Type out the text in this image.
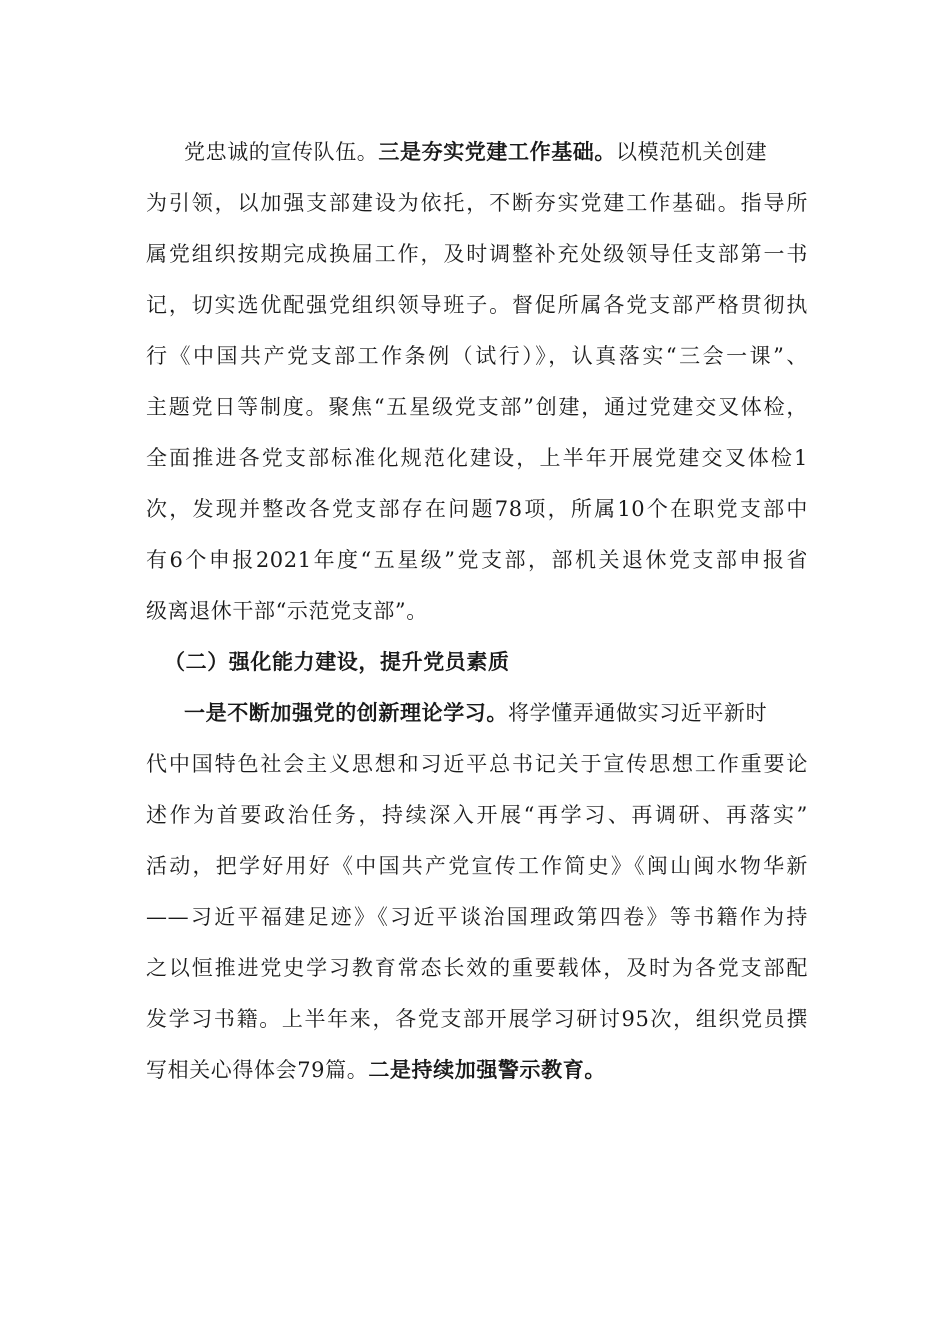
党忠诚的宣传队伍。三是夯实党建工作基础。以模范机关创建
为引领，以加强支部建设为依托，不断夯实党建工作基础。指导所
属党组织按期完成换届工作，及时调整补充处级领导任支部第一书
记，切实选优配强党组织领导班子。督促所属各党支部严格贯彻执
行《中国共产党支部工作条例（试行）》，认真落实“三会一课”、
主题党日等制度。聚焦“五星级党支部”创建，通过党建交叉体检，
全面推进各党支部标准化规范化建设，上半年开展党建交叉体检1
次，发现并整改各党支部存在问题78项，所属10个在职党支部中
有6个申报2021年度“五星级”党支部，部机关退休党支部申报省
级离退休干部“示范党支部”。
（二）强化能力建设，提升党员素质
一是不断加强党的创新理论学习。将学懂弄通做实习近平新时
代中国特色社会主义思想和习近平总书记关于宣传思想工作重要论
述作为首要政治任务，持续深入开展“再学习、再调研、再落实”
活动，把学好用好《中国共产党宣传工作简史》《闽山闽水物华新
——习近平福建足迹》《习近平谈治国理政第四卷》等书籍作为持
之以恒推进党史学习教育常态长效的重要载体，及时为各党支部配
发学习书籍。上半年来，各党支部开展学习研讨95次，组织党员撰
写相关心得体会79篇。二是持续加强警示教育。
